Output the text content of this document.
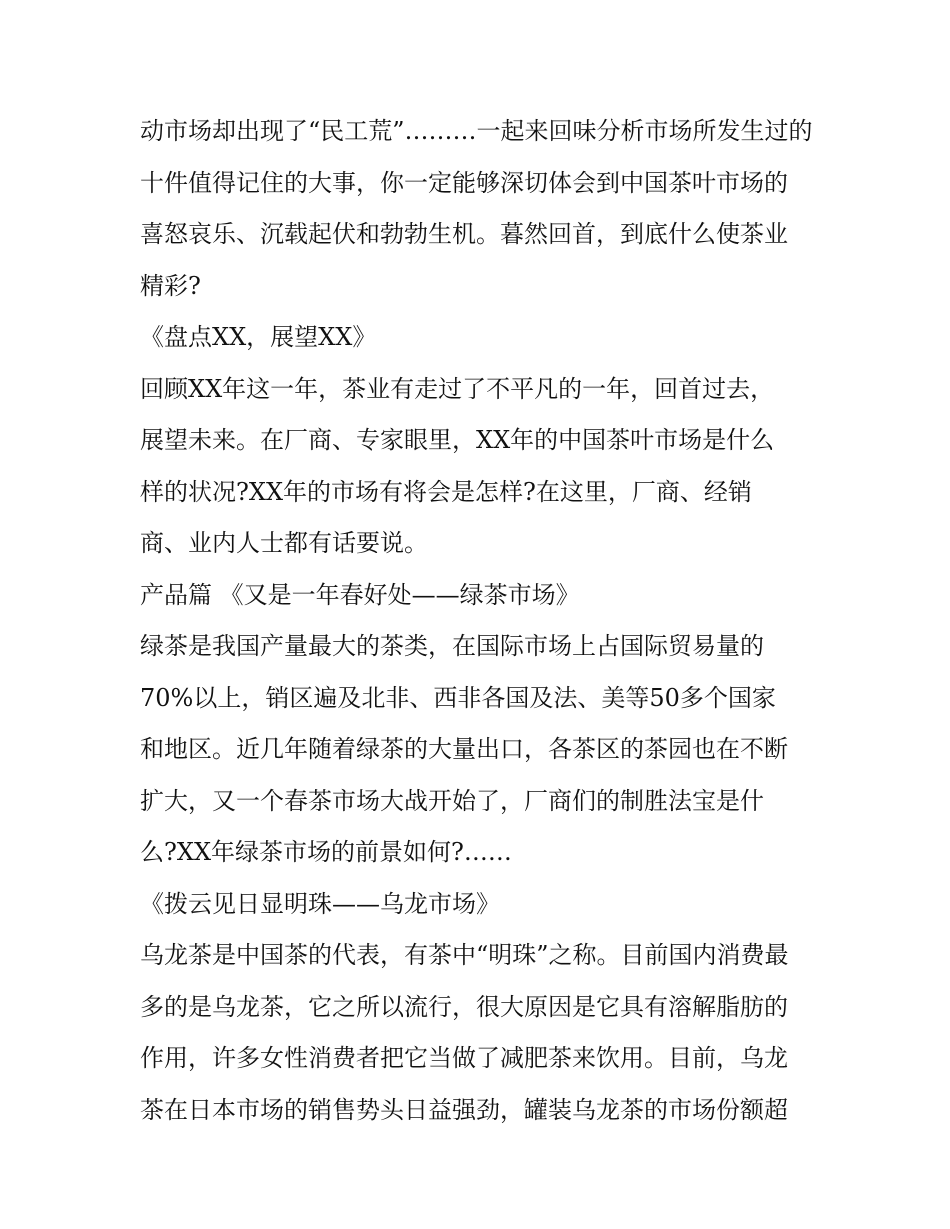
动市场却出现了“民工荒”………一起来回味分析市场所发生过的
十件值得记住的大事，你一定能够深切体会到中国茶叶市场的
喜怒哀乐、沉载起伏和勃勃生机。暮然回首，到底什么使茶业
精彩?
《盘点XX，展望XX》
回顾XX年这一年，茶业有走过了不平凡的一年，回首过去，
展望未来。在厂商、专家眼里，XX年的中国茶叶市场是什么
样的状况?XX年的市场有将会是怎样?在这里，厂商、经销
商、业内人士都有话要说。
产品篇 《又是一年春好处——绿茶市场》
绿茶是我国产量最大的茶类，在国际市场上占国际贸易量的
70%以上，销区遍及北非、西非各国及法、美等50多个国家
和地区。近几年随着绿茶的大量出口，各茶区的茶园也在不断
扩大，又一个春茶市场大战开始了，厂商们的制胜法宝是什
么?XX年绿茶市场的前景如何?……
《拨云见日显明珠——乌龙市场》
乌龙茶是中国茶的代表，有茶中“明珠”之称。目前国内消费最
多的是乌龙茶，它之所以流行，很大原因是它具有溶解脂肪的
作用，许多女性消费者把它当做了减肥茶来饮用。目前，乌龙
茶在日本市场的销售势头日益强劲，罐装乌龙茶的市场份额超
